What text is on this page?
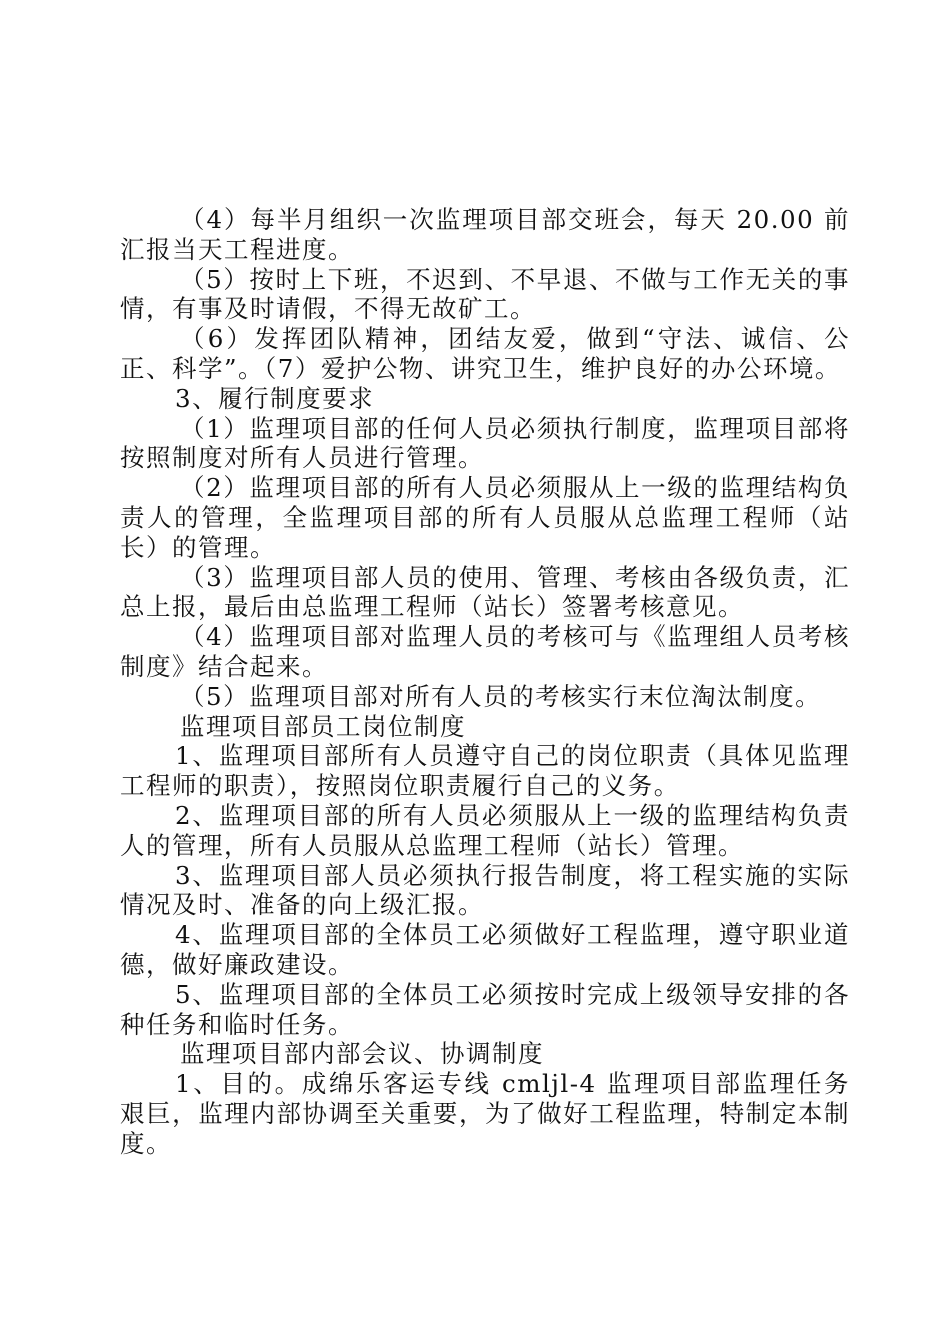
（4）每半月组织一次监理项目部交班会，每天 20.00 前汇报当天工程进度。

（5）按时上下班，不迟到、不早退、不做与工作无关的事情，有事及时请假，不得无故矿工。

（6）发挥团队精神，团结友爱，做到“守法、诚信、公正、科学”。（7）爱护公物、讲究卫生，维护良好的办公环境。

3、履行制度要求

（1）监理项目部的任何人员必须执行制度，监理项目部将按照制度对所有人员进行管理。

（2）监理项目部的所有人员必须服从上一级的监理结构负责人的管理，全监理项目部的所有人员服从总监理工程师（站长）的管理。

（3）监理项目部人员的使用、管理、考核由各级负责，汇总上报，最后由总监理工程师（站长）签署考核意见。

（4）监理项目部对监理人员的考核可与《监理组人员考核制度》结合起来。

（5）监理项目部对所有人员的考核实行末位淘汰制度。

监理项目部员工岗位制度

1、监理项目部所有人员遵守自己的岗位职责（具体见监理工程师的职责），按照岗位职责履行自己的义务。

2、监理项目部的所有人员必须服从上一级的监理结构负责人的管理，所有人员服从总监理工程师（站长）管理。

3、监理项目部人员必须执行报告制度，将工程实施的实际情况及时、准备的向上级汇报。

4、监理项目部的全体员工必须做好工程监理，遵守职业道德，做好廉政建设。

5、监理项目部的全体员工必须按时完成上级领导安排的各种任务和临时任务。

监理项目部内部会议、协调制度

1、目的。成绵乐客运专线 cmljl-4 监理项目部监理任务艰巨，监理内部协调至关重要，为了做好工程监理，特制定本制度。
